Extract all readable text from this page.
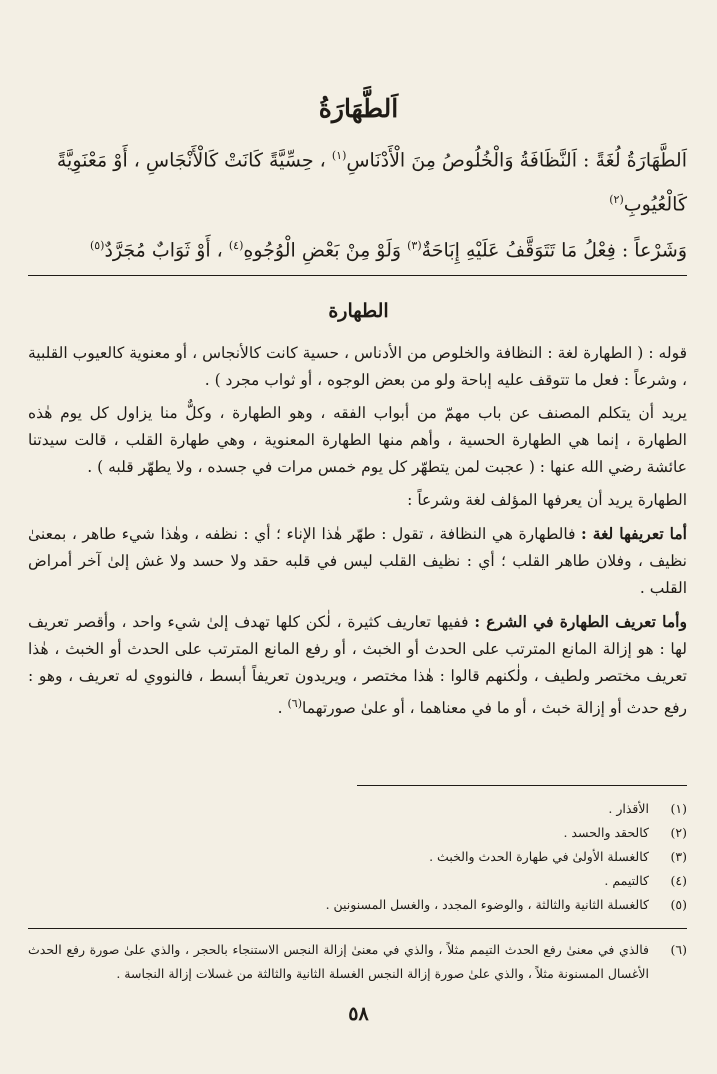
اَلطَّهَارَةُ

اَلطَّهَارَةُ لُغَةً : اَلنَّظَافَةُ وَالْخُلُوصُ مِنَ الْأَدْنَاسِ$^{(١)}$ ، حِسِّيَّةً كَانَتْ كَالْأَنْجَاسِ ، أَوْ مَعْنَوِيَّةً

كَالْعُيُوبِ$^{(٢)}$

وَشَرْعاً : فِعْلُ مَا تَتَوَقَّفُ عَلَيْهِ إِبَاحَةٌ$^{(٣)}$ وَلَوْ مِنْ بَعْضِ الْوُجُوهِ$^{(٤)}$ ، أَوْ ثَوَابٌ مُجَرَّدٌ$^{(٥)}$

الطهارة

قوله : ( الطهارة لغة : النظافة والخلوص من الأدناس ، حسية كانت كالأنجاس ، أو معنوية كالعيوب القلبية ، وشرعاً : فعل ما تتوقف عليه إباحة ولو من بعض الوجوه ، أو ثواب مجرد ) .

يريد أن يتكلم المصنف عن باب مهمّ من أبواب الفقه ، وهو الطهارة ، وكلٌّ منا يزاول كل يوم هٰذه الطهارة ، إنما هي الطهارة الحسية ، وأهم منها الطهارة المعنوية ، وهي طهارة القلب ، قالت سيدتنا عائشة رضي الله عنها : ( عجبت لمن يتطهّر كل يوم خمس مرات في جسده ، ولا يطهّر قلبه ) .

الطهارة يريد أن يعرفها المؤلف لغة وشرعاً :

أما تعريفها لغة : فالطهارة هي النظافة ، تقول : طهّر هٰذا الإناء ؛ أي : نظفه ، وهٰذا شيء طاهر ، بمعنىٰ نظيف ، وفلان طاهر القلب ؛ أي : نظيف القلب ليس في قلبه حقد ولا حسد ولا غش إلىٰ آخر أمراض القلب .

وأما تعريف الطهارة في الشرع : ففيها تعاريف كثيرة ، لٰكن كلها تهدف إلىٰ شيء واحد ، وأقصر تعريف لها : هو إزالة المانع المترتب على الحدث أو الخبث ، أو رفع المانع المترتب على الحدث أو الخبث ، هٰذا تعريف مختصر ولطيف ، ولٰكنهم قالوا : هٰذا مختصر ، ويريدون تعريفاً أبسط ، فالنووي له تعريف ، وهو : رفع حدث أو إزالة خبث ، أو ما في معناهما ، أو علىٰ صورتهما$^{(٦)}$ .

(١)
الأقذار .
(٢)
كالحقد والحسد .
(٣)
كالغسلة الأولىٰ في طهارة الحدث والخبث .
(٤)
كالتيمم .
(٥)
كالغسلة الثانية والثالثة ، والوضوء المجدد ، والغسل المسنونين .
(٦)
فالذي في معنىٰ رفع الحدث التيمم مثلاً ، والذي في معنىٰ إزالة النجس الاستنجاء بالحجر ، والذي علىٰ صورة رفع الحدث الأغسال المسنونة مثلاً ، والذي علىٰ صورة إزالة النجس الغسلة الثانية والثالثة من غسلات إزالة النجاسة .
٥٨
